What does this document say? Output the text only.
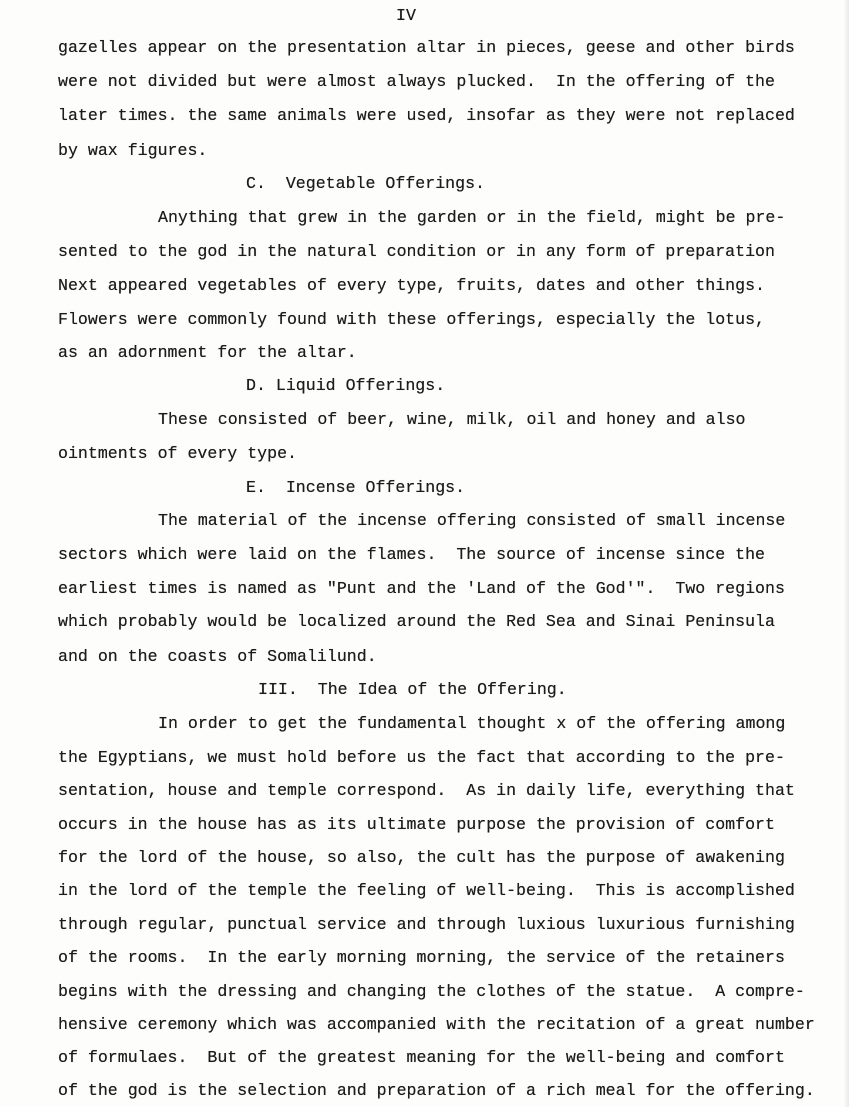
IV
gazelles appear on the presentation altar in pieces, geese and other birds
were not divided but were almost always plucked.  In the offering of the
later times. the same animals were used, insofar as they were not replaced
by wax figures.
C.  Vegetable Offerings.
Anything that grew in the garden or in the field, might be pre-
sented to the god in the natural condition or in any form of preparation
Next appeared vegetables of every type, fruits, dates and other things.
Flowers were commonly found with these offerings, especially the lotus,
as an adornment for the altar.
D. Liquid Offerings.
These consisted of beer, wine, milk, oil and honey and also
ointments of every type.
E.  Incense Offerings.
The material of the incense offering consisted of small incense
sectors which were laid on the flames.  The source of incense since the
earliest times is named as "Punt and the 'Land of the God'".  Two regions
which probably would be localized around the Red Sea and Sinai Peninsula
and on the coasts of Somalilund.
III.  The Idea of the Offering.
In order to get the fundamental thought x of the offering among
the Egyptians, we must hold before us the fact that according to the pre-
sentation, house and temple correspond.  As in daily life, everything that
occurs in the house has as its ultimate purpose the provision of comfort
for the lord of the house, so also, the cult has the purpose of awakening
in the lord of the temple the feeling of well-being.  This is accomplished
through regular, punctual service and through luxious luxurious furnishing
of the rooms.  In the early morning morning, the service of the retainers
begins with the dressing and changing the clothes of the statue.  A compre-
hensive ceremony which was accompanied with the recitation of a great number
of formulaes.  But of the greatest meaning for the well-being and comfort
of the god is the selection and preparation of a rich meal for the offering.
